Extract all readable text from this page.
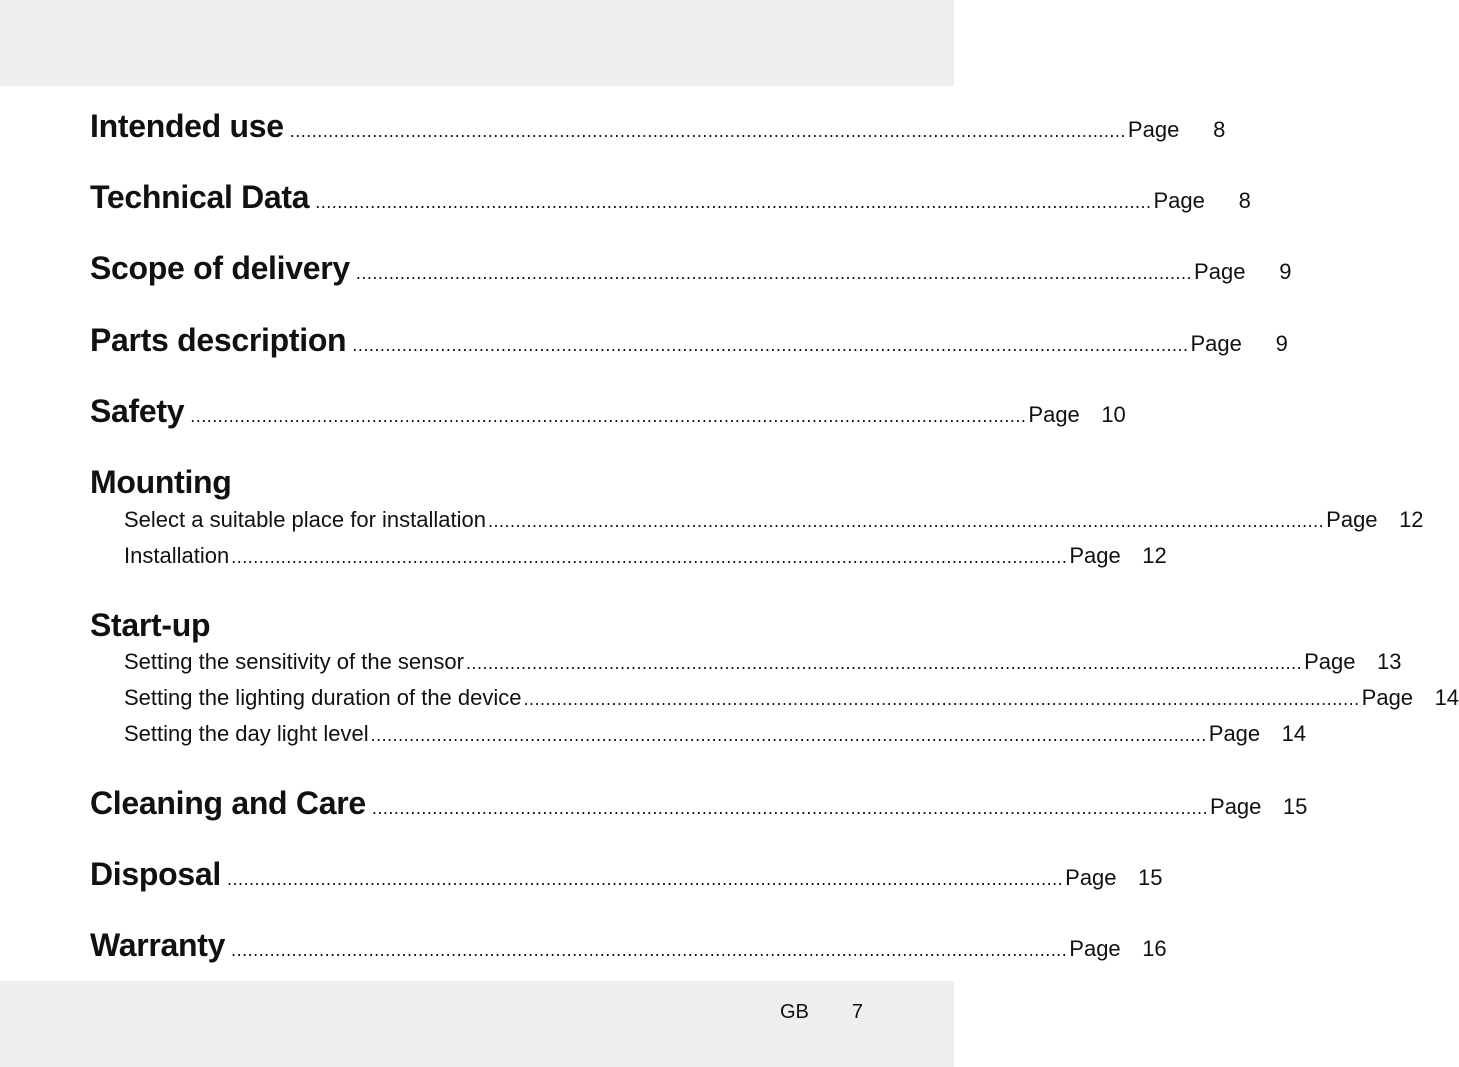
Intended use ........................................................................................................................................................ Page	8
Technical Data ........................................................................................................................................................ Page	8
Scope of delivery ........................................................................................................................................................ Page	9
Parts description ........................................................................................................................................................ Page	9
Safety ........................................................................................................................................................ Page 10
Mounting
Select a suitable place for installation ........................................................................................................................................................ Page 12
Installation ........................................................................................................................................................ Page 12
Start-up
Setting the sensitivity of the sensor ........................................................................................................................................................ Page 13
Setting the lighting duration of the device ........................................................................................................................................................ Page 14
Setting the day light level ........................................................................................................................................................ Page 14
Cleaning and Care ........................................................................................................................................................ Page 15
Disposal ........................................................................................................................................................ Page 15
Warranty ........................................................................................................................................................ Page 16
GB 7
